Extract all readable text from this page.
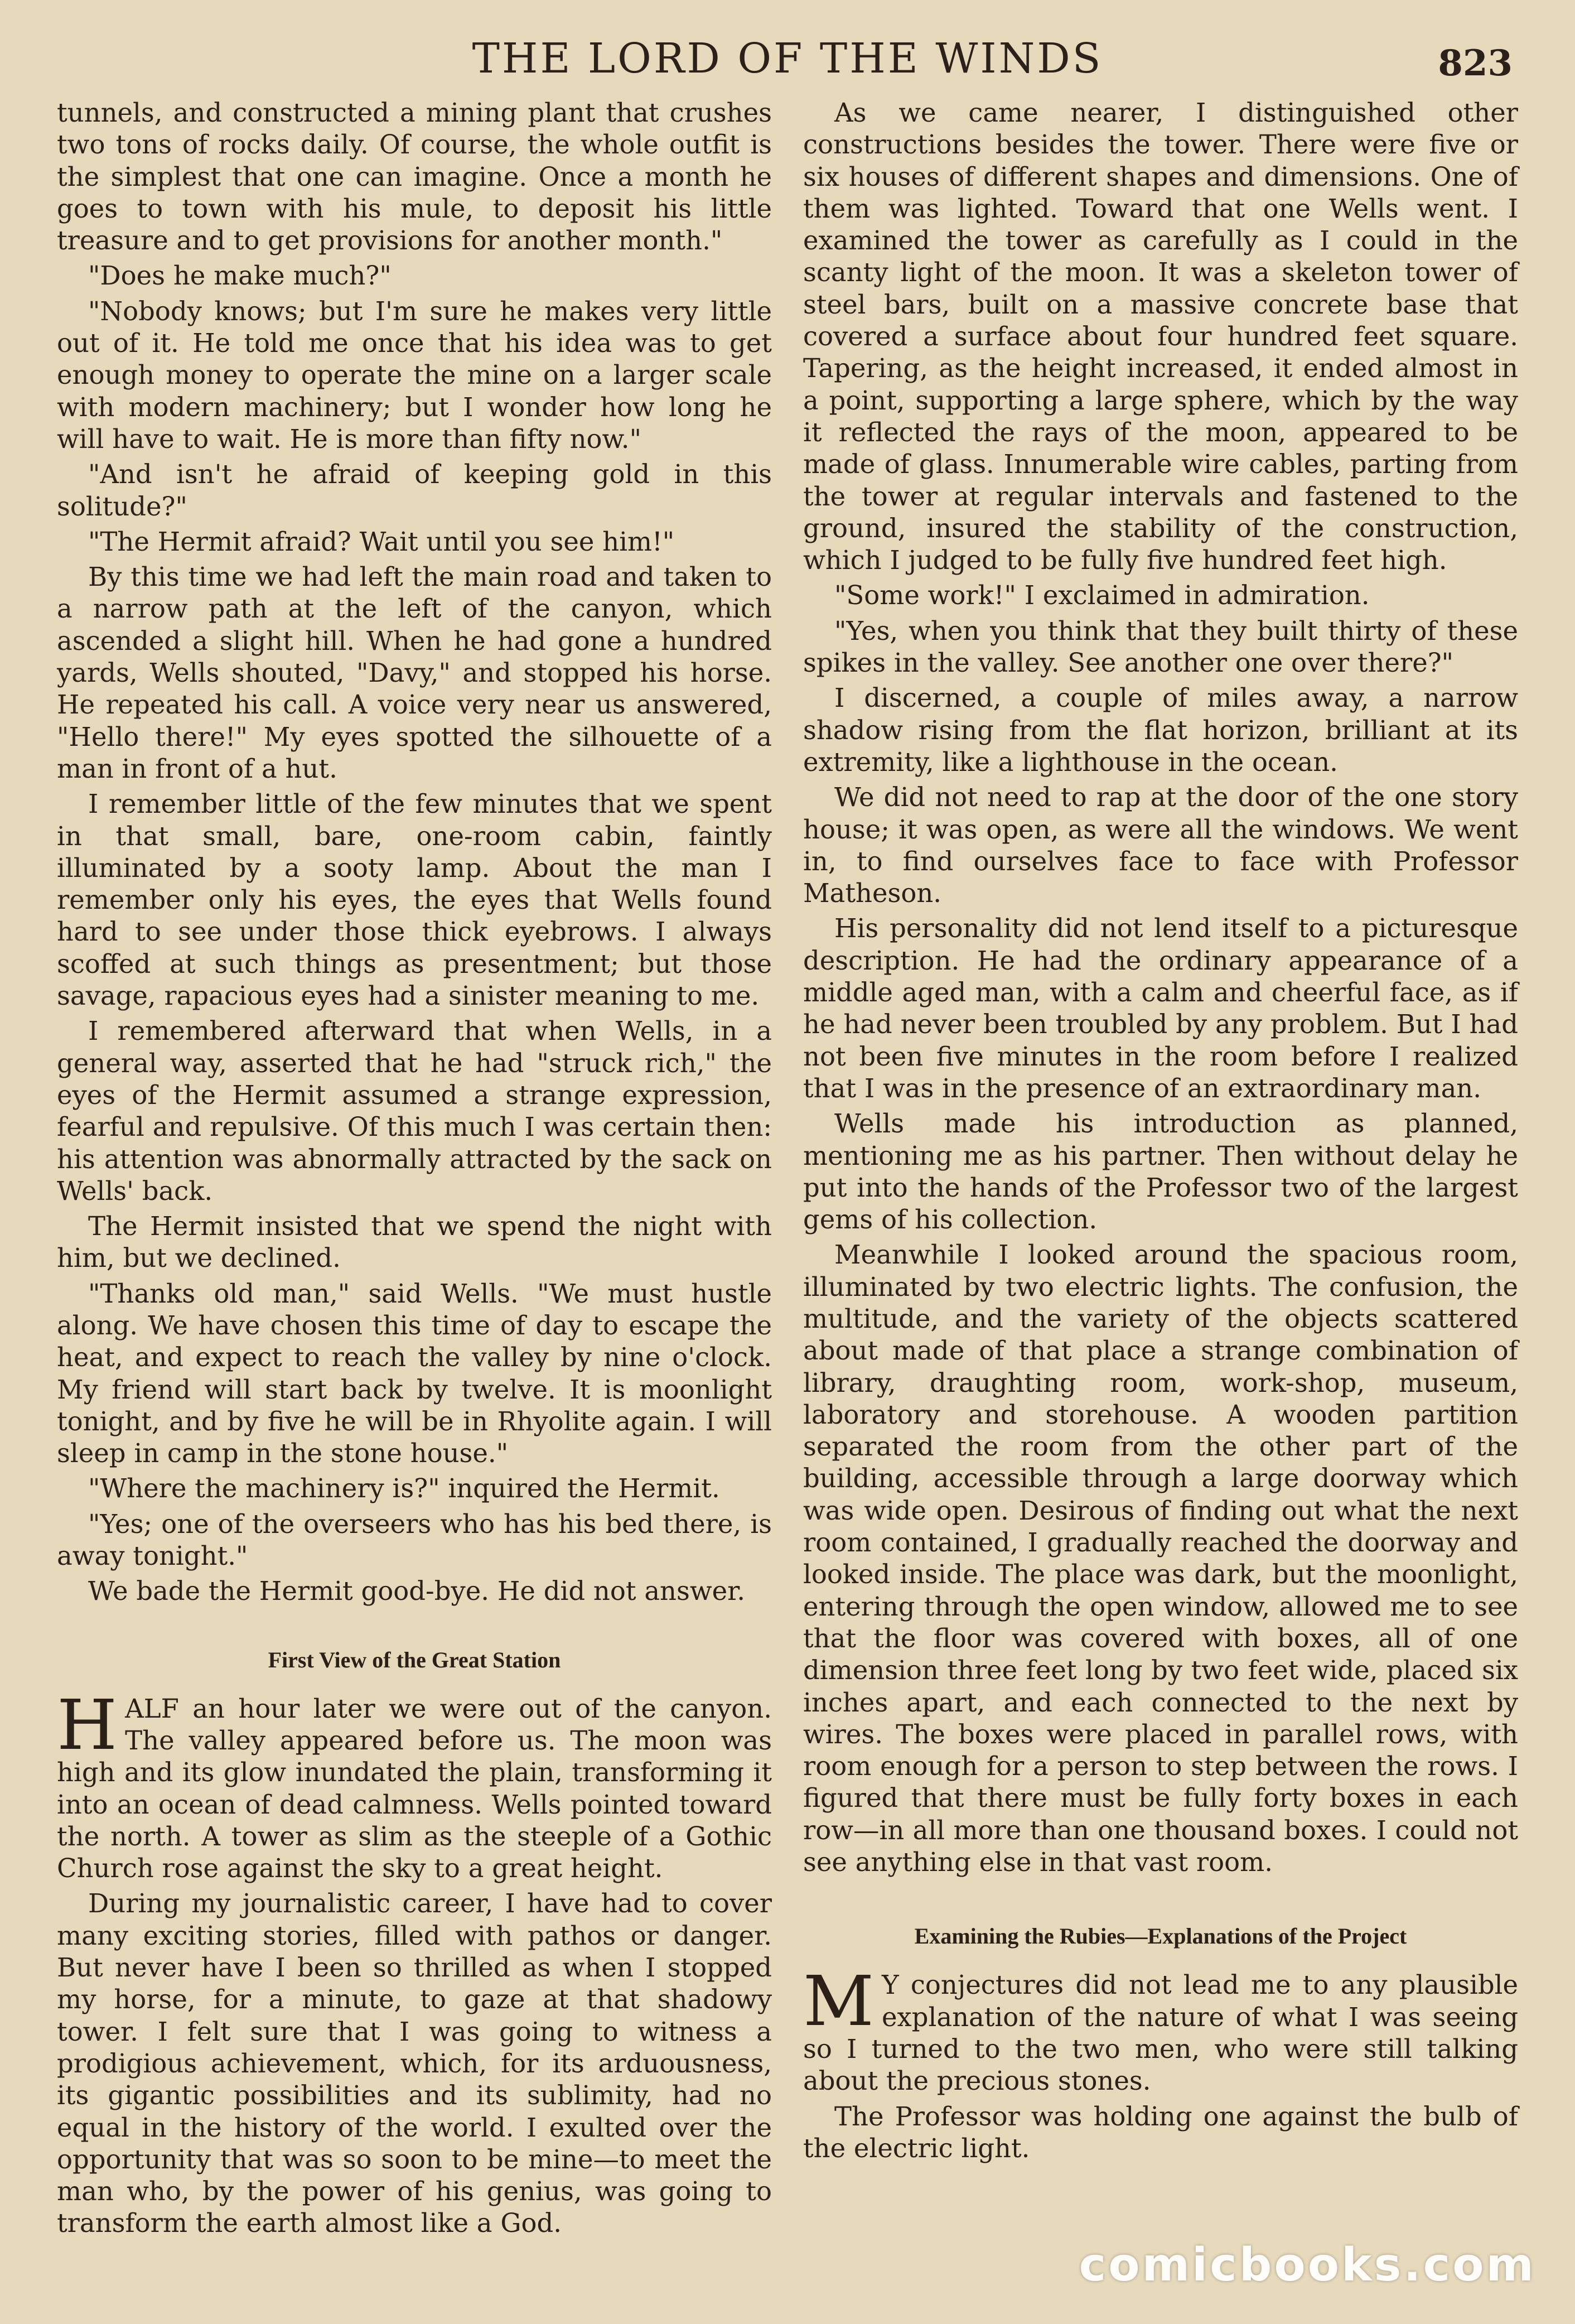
THE LORD OF THE WINDS	823

tunnels, and constructed a mining plant that crushes two tons of rocks daily. Of course, the whole outfit is the simplest that one can imagine. Once a month he goes to town with his mule, to deposit his little treasure and to get provisions for another month."

"Does he make much?"

"Nobody knows; but I'm sure he makes very little out of it. He told me once that his idea was to get enough money to operate the mine on a larger scale with modern machinery; but I wonder how long he will have to wait. He is more than fifty now."

"And isn't he afraid of keeping gold in this solitude?"

"The Hermit afraid? Wait until you see him!"

By this time we had left the main road and taken to a narrow path at the left of the canyon, which ascended a slight hill. When he had gone a hundred yards, Wells shouted, "Davy," and stopped his horse. He repeated his call. A voice very near us answered, "Hello there!" My eyes spotted the silhouette of a man in front of a hut.

I remember little of the few minutes that we spent in that small, bare, one-room cabin, faintly illuminated by a sooty lamp. About the man I remember only his eyes, the eyes that Wells found hard to see under those thick eyebrows. I always scoffed at such things as presentment; but those savage, rapacious eyes had a sinister meaning to me.

I remembered afterward that when Wells, in a general way, asserted that he had "struck rich," the eyes of the Hermit assumed a strange expression, fearful and repulsive. Of this much I was certain then: his attention was abnormally attracted by the sack on Wells' back.

The Hermit insisted that we spend the night with him, but we declined.

"Thanks old man," said Wells. "We must hustle along. We have chosen this time of day to escape the heat, and expect to reach the valley by nine o'clock. My friend will start back by twelve. It is moonlight tonight, and by five he will be in Rhyolite again. I will sleep in camp in the stone house."

"Where the machinery is?" inquired the Hermit.

"Yes; one of the overseers who has his bed there, is away tonight."

We bade the Hermit good-bye. He did not answer.

First View of the Great Station

HALF an hour later we were out of the canyon. The valley appeared before us. The moon was high and its glow inundated the plain, transforming it into an ocean of dead calmness. Wells pointed toward the north. A tower as slim as the steeple of a Gothic Church rose against the sky to a great height.

During my journalistic career, I have had to cover many exciting stories, filled with pathos or danger. But never have I been so thrilled as when I stopped my horse, for a minute, to gaze at that shadowy tower. I felt sure that I was going to witness a prodigious achievement, which, for its arduousness, its gigantic possibilities and its sublimity, had no equal in the history of the world. I exulted over the opportunity that was so soon to be mine—to meet the man who, by the power of his genius, was going to transform the earth almost like a God.

As we came nearer, I distinguished other constructions besides the tower. There were five or six houses of different shapes and dimensions. One of them was lighted. Toward that one Wells went. I examined the tower as carefully as I could in the scanty light of the moon. It was a skeleton tower of steel bars, built on a massive concrete base that covered a surface about four hundred feet square. Tapering, as the height increased, it ended almost in a point, supporting a large sphere, which by the way it reflected the rays of the moon, appeared to be made of glass. Innumerable wire cables, parting from the tower at regular intervals and fastened to the ground, insured the stability of the construction, which I judged to be fully five hundred feet high.

"Some work!" I exclaimed in admiration.

"Yes, when you think that they built thirty of these spikes in the valley. See another one over there?"

I discerned, a couple of miles away, a narrow shadow rising from the flat horizon, brilliant at its extremity, like a lighthouse in the ocean.

We did not need to rap at the door of the one story house; it was open, as were all the windows. We went in, to find ourselves face to face with Professor Matheson.

His personality did not lend itself to a picturesque description. He had the ordinary appearance of a middle aged man, with a calm and cheerful face, as if he had never been troubled by any problem. But I had not been five minutes in the room before I realized that I was in the presence of an extraordinary man.

Wells made his introduction as planned, mentioning me as his partner. Then without delay he put into the hands of the Professor two of the largest gems of his collection.

Meanwhile I looked around the spacious room, illuminated by two electric lights. The confusion, the multitude, and the variety of the objects scattered about made of that place a strange combination of library, draughting room, work-shop, museum, laboratory and storehouse. A wooden partition separated the room from the other part of the building, accessible through a large doorway which was wide open. Desirous of finding out what the next room contained, I gradually reached the doorway and looked inside. The place was dark, but the moonlight, entering through the open window, allowed me to see that the floor was covered with boxes, all of one dimension three feet long by two feet wide, placed six inches apart, and each connected to the next by wires. The boxes were placed in parallel rows, with room enough for a person to step between the rows. I figured that there must be fully forty boxes in each row—in all more than one thousand boxes. I could not see anything else in that vast room.

Examining the Rubies—Explanations of the Project

M Y conjectures did not lead me to any plausible explanation of the nature of what I was seeing so I turned to the two men, who were still talking about the precious stones.

The Professor was holding one against the bulb of the electric light.

comicbooks.com
